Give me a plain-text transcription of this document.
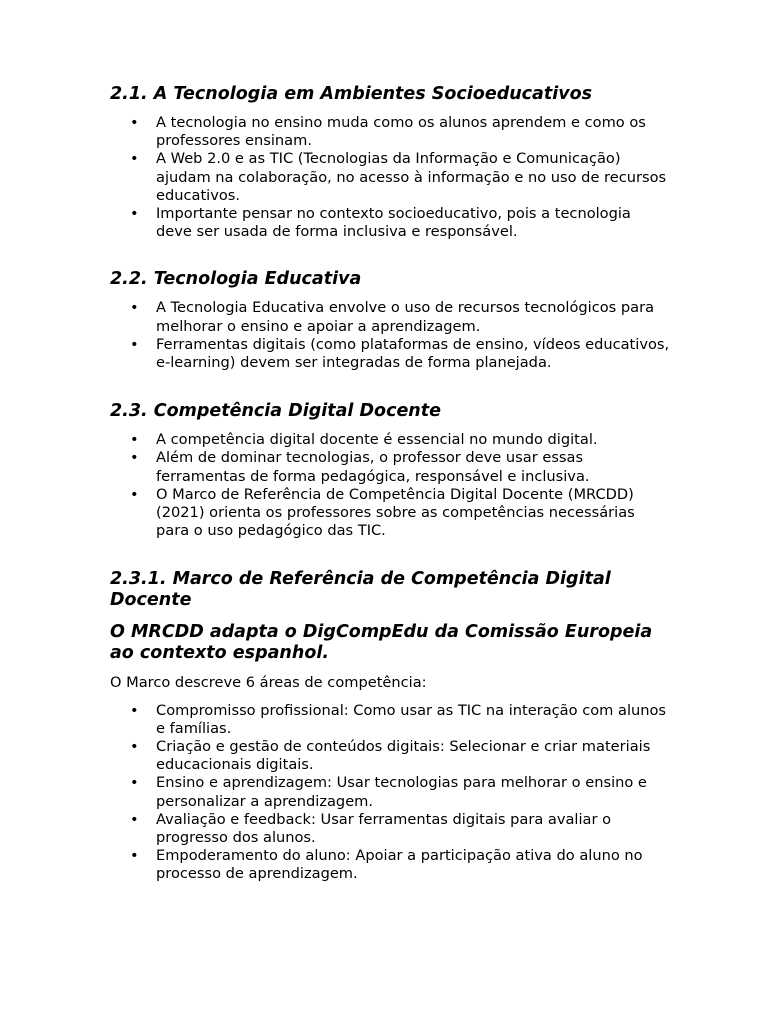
2.1. A Tecnologia em Ambientes Socioeducativos
• A tecnologia no ensino muda como os alunos aprendem e como os professores ensinam.
• A Web 2.0 e as TIC (Tecnologias da Informação e Comunicação) ajudam na colaboração, no acesso à informação e no uso de recursos educativos.
• Importante pensar no contexto socioeducativo, pois a tecnologia deve ser usada de forma inclusiva e responsável.
2.2. Tecnologia Educativa
• A Tecnologia Educativa envolve o uso de recursos tecnológicos para melhorar o ensino e apoiar a aprendizagem.
• Ferramentas digitais (como plataformas de ensino, vídeos educativos, e-learning) devem ser integradas de forma planejada.
2.3. Competência Digital Docente
• A competência digital docente é essencial no mundo digital.
• Além de dominar tecnologias, o professor deve usar essas ferramentas de forma pedagógica, responsável e inclusiva.
• O Marco de Referência de Competência Digital Docente (MRCDD) (2021) orienta os professores sobre as competências necessárias para o uso pedagógico das TIC.
2.3.1. Marco de Referência de Competência Digital Docente
O MRCDD adapta o DigCompEdu da Comissão Europeia ao contexto espanhol.

O Marco descreve 6 áreas de competência:

• Compromisso profissional: Como usar as TIC na interação com alunos e famílias.
• Criação e gestão de conteúdos digitais: Selecionar e criar materiais educacionais digitais.
• Ensino e aprendizagem: Usar tecnologias para melhorar o ensino e personalizar a aprendizagem.
• Avaliação e feedback: Usar ferramentas digitais para avaliar o progresso dos alunos.
• Empoderamento do aluno: Apoiar a participação ativa do aluno no processo de aprendizagem.
